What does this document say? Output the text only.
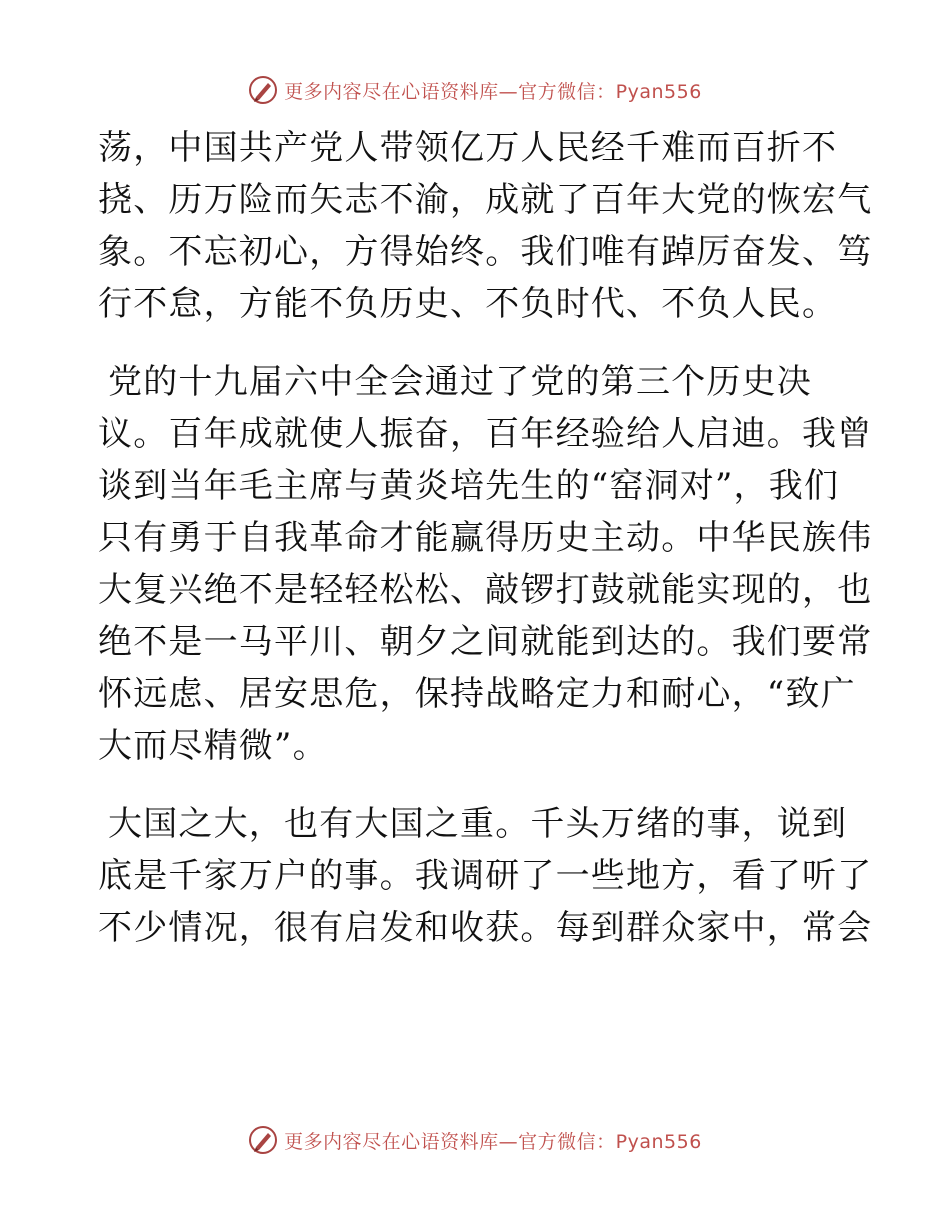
更多内容尽在心语资料库—官方微信：Pyan556
荡，中国共产党人带领亿万人民经千难而百折不
挠、历万险而矢志不渝，成就了百年大党的恢宏气
象。不忘初心，方得始终。我们唯有踔厉奋发、笃
行不怠，方能不负历史、不负时代、不负人民。
党的十九届六中全会通过了党的第三个历史决
议。百年成就使人振奋，百年经验给人启迪。我曾
谈到当年毛主席与黄炎培先生的“窑洞对”，我们
只有勇于自我革命才能赢得历史主动。中华民族伟
大复兴绝不是轻轻松松、敲锣打鼓就能实现的，也
绝不是一马平川、朝夕之间就能到达的。我们要常
怀远虑、居安思危，保持战略定力和耐心，“致广
大而尽精微”。
大国之大，也有大国之重。千头万绪的事，说到
底是千家万户的事。我调研了一些地方，看了听了
不少情况，很有启发和收获。每到群众家中，常会
更多内容尽在心语资料库—官方微信：Pyan556
